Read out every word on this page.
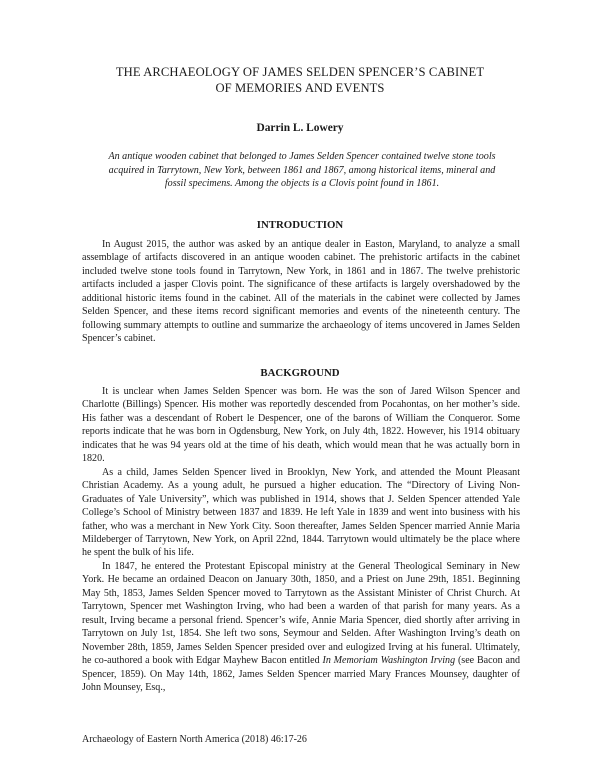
THE ARCHAEOLOGY OF JAMES SELDEN SPENCER’S CABINET
OF MEMORIES AND EVENTS
Darrin L. Lowery
An antique wooden cabinet that belonged to James Selden Spencer contained twelve stone tools acquired in Tarrytown, New York, between 1861 and 1867, among historical items, mineral and fossil specimens. Among the objects is a Clovis point found in 1861.
INTRODUCTION

In August 2015, the author was asked by an antique dealer in Easton, Maryland, to analyze a small assemblage of artifacts discovered in an antique wooden cabinet. The prehistoric artifacts in the cabinet included twelve stone tools found in Tarrytown, New York, in 1861 and in 1867. The twelve prehistoric artifacts included a jasper Clovis point. The significance of these artifacts is largely overshadowed by the additional historic items found in the cabinet. All of the materials in the cabinet were collected by James Selden Spencer, and these items record significant memories and events of the nineteenth century. The following summary attempts to outline and summarize the archaeology of items uncovered in James Selden Spencer’s cabinet.

BACKGROUND

It is unclear when James Selden Spencer was born. He was the son of Jared Wilson Spencer and Charlotte (Billings) Spencer. His mother was reportedly descended from Pocahontas, on her mother’s side. His father was a descendant of Robert le Despencer, one of the barons of William the Conqueror. Some reports indicate that he was born in Ogdensburg, New York, on July 4th, 1822. However, his 1914 obituary indicates that he was 94 years old at the time of his death, which would mean that he was actually born in 1820.

As a child, James Selden Spencer lived in Brooklyn, New York, and attended the Mount Pleasant Christian Academy. As a young adult, he pursued a higher education. The “Directory of Living Non-Graduates of Yale University”, which was published in 1914, shows that J. Selden Spencer attended Yale College’s School of Ministry between 1837 and 1839. He left Yale in 1839 and went into business with his father, who was a merchant in New York City. Soon thereafter, James Selden Spencer married Annie Maria Mildeberger of Tarrytown, New York, on April 22nd, 1844. Tarrytown would ultimately be the place where he spent the bulk of his life.

In 1847, he entered the Protestant Episcopal ministry at the General Theological Seminary in New York. He became an ordained Deacon on January 30th, 1850, and a Priest on June 29th, 1851. Beginning May 5th, 1853, James Selden Spencer moved to Tarrytown as the Assistant Minister of Christ Church. At Tarrytown, Spencer met Washington Irving, who had been a warden of that parish for many years. As a result, Irving became a personal friend. Spencer’s wife, Annie Maria Spencer, died shortly after arriving in Tarrytown on July 1st, 1854. She left two sons, Seymour and Selden. After Washington Irving’s death on November 28th, 1859, James Selden Spencer presided over and eulogized Irving at his funeral. Ultimately, he co-authored a book with Edgar Mayhew Bacon entitled In Memoriam Washington Irving (see Bacon and Spencer, 1859). On May 14th, 1862, James Selden Spencer married Mary Frances Mounsey, daughter of John Mounsey, Esq.,

Archaeology of Eastern North America (2018) 46:17-26
